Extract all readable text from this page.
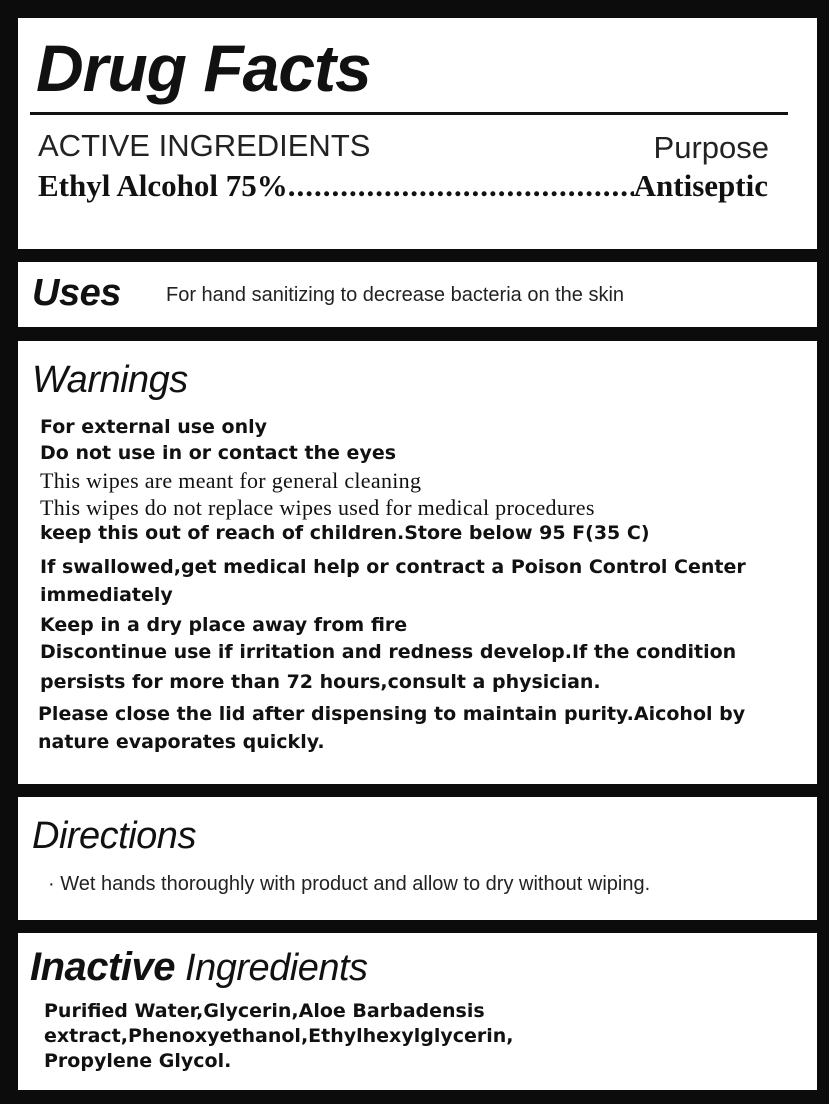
Drug Facts
ACTIVE INGREDIENTS	Purpose
Ethyl Alcohol 75%
.....	Antiseptic
Uses For hand sanitizing to decrease bacteria on the skin
Warnings
For external use only
Do not use in or contact the eyes
This wipes are meant for general cleaning
This wipes do not replace wipes used for medical procedures
keep this out of reach of children.Store below 95 F(35 C)
If swallowed,get medical help or contract a Poison Control Center
immediately
Keep in a dry place away from fire
Discontinue use if irritation and redness develop.If the condition
persists for more than 72 hours,consult a physician.
Please close the lid after dispensing to maintain purity.Aicohol by
nature evaporates quickly.
Directions
· Wet hands thoroughly with product and allow to dry without wiping.
Inactive Ingredients
Purified Water,Glycerin,Aloe Barbadensis extract,Phenoxyethanol,Ethylhexylglycerin, Propylene Glycol.
